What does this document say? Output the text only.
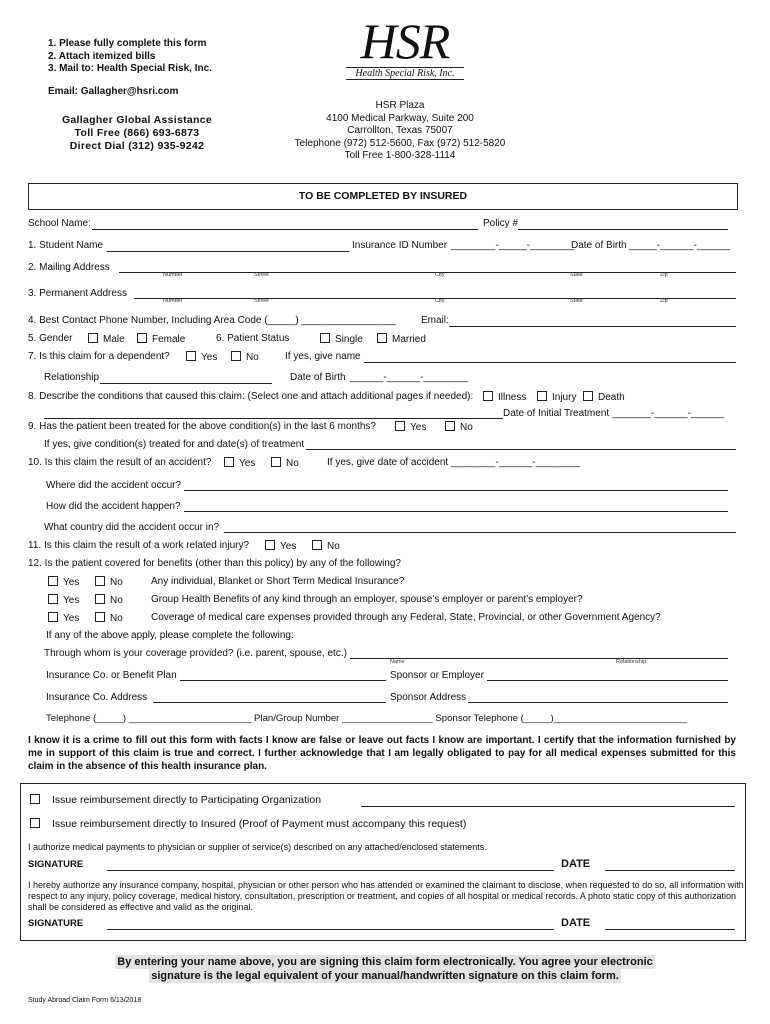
1. Please fully complete this form
2. Attach itemized bills
3. Mail to: Health Special Risk, Inc.
Email: Gallagher@hsri.com
Gallagher Global Assistance
Toll Free (866) 693-6873
Direct Dial (312) 935-9242
HSR
Health Special Risk, Inc.
HSR Plaza
4100 Medical Parkway, Suite 200
Carrollton, Texas 75007
Telephone (972) 512-5600, Fax (972) 512-5820
Toll Free 1-800-328-1114
TO BE COMPLETED BY INSURED
School Name:	Policy #
1. Student Name	Insurance ID Number ________-_____-________
Date of Birth _____-______-______
2. Mailing Address
Number	Street	City	State	Zip
3. Permanent Address
Number	Street	City	State	Zip
4. Best Contact Phone Number, Including Area Code (_____) _________________ Email:
5. Gender	Male	Female	6. Patient Status	Single	Married
7. Is this claim for a dependent?	Yes	No	If yes, give name
Relationship	Date of Birth ______-______-________
8. Describe the conditions that caused this claim: (Select one and attach additional pages if needed):	Illness	Injury	Death
Date of Initial Treatment _______-______-______
9. Has the patient been treated for the above condition(s) in the last 6 months?	Yes	No
If yes, give condition(s) treated for and date(s) of treatment
10. Is this claim the result of an accident?	Yes	No	If yes, give date of accident ________-______-________
Where did the accident occur?
How did the accident happen?
What country did the accident occur in?
11. Is this claim the result of a work related injury?	Yes	No
12. Is the patient covered for benefits (other than this policy) by any of the following?
Yes	No	Any individual, Blanket or Short Term Medical Insurance?
Yes	No	Group Health Benefits of any kind through an employer, spouse’s employer or parent’s employer?
Yes	No	Coverage of medical care expenses provided through any Federal, State, Provincial, or other Government Agency?
If any of the above apply, please complete the following:
Through whom is your coverage provided? (i.e. parent, spouse, etc.)
Name	Relationship
Insurance Co. or Benefit Plan	Sponsor or Employer
Insurance Co. Address	Sponsor Address
Telephone (_____) _______________________ Plan/Group Number _________________ Sponsor Telephone (_____)_________________________
I know it is a crime to fill out this form with facts I know are false or leave out facts I know are important. I certify that the information furnished by me in support of this claim is true and correct. I further acknowledge that I am legally obligated to pay for all medical expenses submitted for this claim in the absence of this health insurance plan.
Issue reimbursement directly to Participating Organization
Issue reimbursement directly to Insured (Proof of Payment must accompany this request)
I authorize medical payments to physician or supplier of service(s) described on any attached/enclosed statements.
SIGNATURE	DATE
I hereby authorize any insurance company, hospital, physician or other person who has attended or examined the claimant to disclose, when requested to do so, all information with respect to any injury, policy coverage, medical history, consultation, prescription or treatment, and copies of all hospital or medical records. A photo static copy of this authorization shall be considered as effective and valid as the original.
SIGNATURE	DATE
By entering your name above, you are signing this claim form electronically. You agree your electronic
signature is the legal equivalent of your manual/handwritten signature on this claim form.
Study Abroad Claim Form 6/13/2018
